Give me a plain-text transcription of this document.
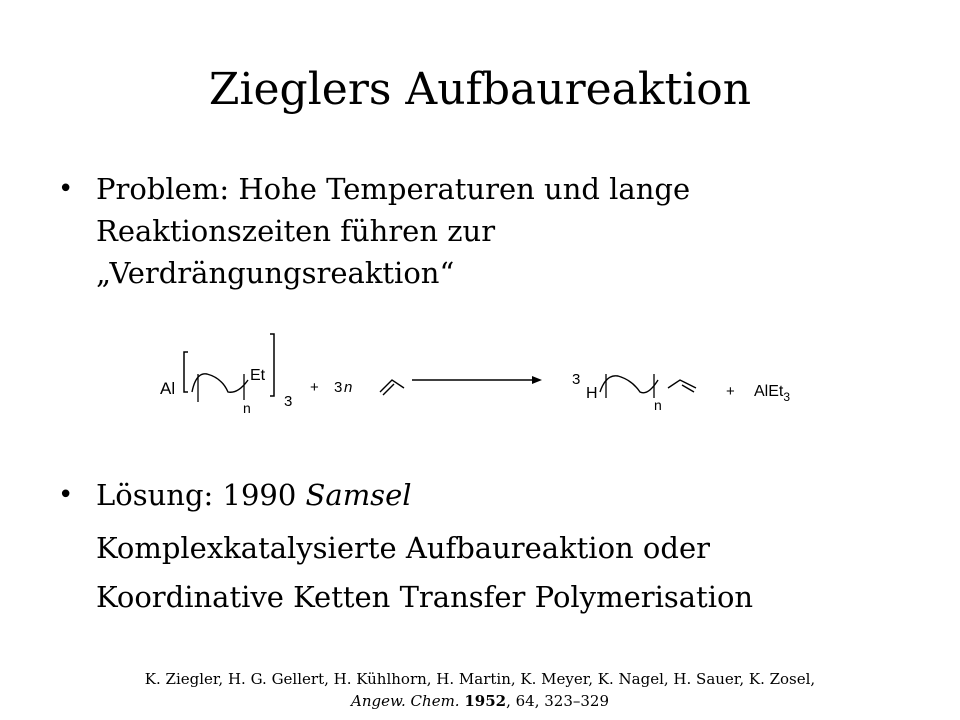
Zieglers Aufbaureaktion
• Problem: Hohe Temperaturen und lange
Reaktionszeiten führen zur
„Verdrängungsreaktion“
Al
n
Et
3
+ 3 n	3
H
n
+ AlEt$_3$
• Lösung: 1990 Samsel
Komplexkatalysierte Aufbaureaktion oder
Koordinative Ketten Transfer Polymerisation
K. Ziegler, H. G. Gellert, H. Kühlhorn, H. Martin, K. Meyer, K. Nagel, H. Sauer, K. Zosel,
Angew. Chem. 1952, 64, 323–329
